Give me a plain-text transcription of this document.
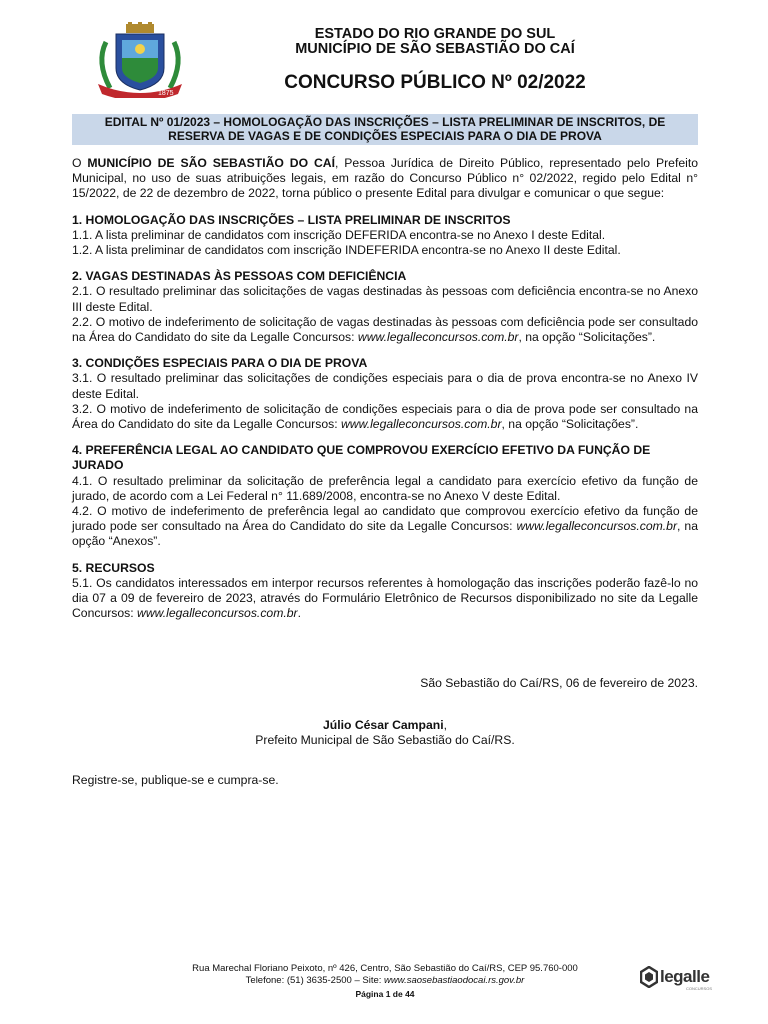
1875
ESTADO DO RIO GRANDE DO SUL
MUNICÍPIO DE SÃO SEBASTIÃO DO CAÍ
CONCURSO PÚBLICO Nº 02/2022
EDITAL Nº 01/2023 – HOMOLOGAÇÃO DAS INSCRIÇÕES – LISTA PRELIMINAR DE INSCRITOS, DE
RESERVA DE VAGAS E DE CONDIÇÕES ESPECIAIS PARA O DIA DE PROVA

O MUNICÍPIO DE SÃO SEBASTIÃO DO CAÍ, Pessoa Jurídica de Direito Público, representado pelo Prefeito Municipal, no uso de suas atribuições legais, em razão do Concurso Público n° 02/2022, regido pelo Edital n° 15/2022, de 22 de dezembro de 2022, torna público o presente Edital para divulgar e comunicar o que segue:

1. HOMOLOGAÇÃO DAS INSCRIÇÕES – LISTA PRELIMINAR DE INSCRITOS

1.1. A lista preliminar de candidatos com inscrição DEFERIDA encontra-se no Anexo I deste Edital.

1.2. A lista preliminar de candidatos com inscrição INDEFERIDA encontra-se no Anexo II deste Edital.

2. VAGAS DESTINADAS ÀS PESSOAS COM DEFICIÊNCIA

2.1. O resultado preliminar das solicitações de vagas destinadas às pessoas com deficiência encontra-se no Anexo III deste Edital.

2.2. O motivo de indeferimento de solicitação de vagas destinadas às pessoas com deficiência pode ser consultado na Área do Candidato do site da Legalle Concursos: www.legalleconcursos.com.br, na opção “Solicitações”.

3. CONDIÇÕES ESPECIAIS PARA O DIA DE PROVA

3.1. O resultado preliminar das solicitações de condições especiais para o dia de prova encontra-se no Anexo IV deste Edital.

3.2. O motivo de indeferimento de solicitação de condições especiais para o dia de prova pode ser consultado na Área do Candidato do site da Legalle Concursos: www.legalleconcursos.com.br, na opção “Solicitações”.

4. PREFERÊNCIA LEGAL AO CANDIDATO QUE COMPROVOU EXERCÍCIO EFETIVO DA FUNÇÃO DE JURADO

4.1. O resultado preliminar da solicitação de preferência legal a candidato para exercício efetivo da função de jurado, de acordo com a Lei Federal n° 11.689/2008, encontra-se no Anexo V deste Edital.

4.2. O motivo de indeferimento de preferência legal ao candidato que comprovou exercício efetivo da função de jurado pode ser consultado na Área do Candidato do site da Legalle Concursos: www.legalleconcursos.com.br, na opção “Anexos”.

5. RECURSOS

5.1. Os candidatos interessados em interpor recursos referentes à homologação das inscrições poderão fazê-lo no dia 07 a 09 de fevereiro de 2023, através do Formulário Eletrônico de Recursos disponibilizado no site da Legalle Concursos: www.legalleconcursos.com.br.

São Sebastião do Caí/RS, 06 de fevereiro de 2023.
Júlio César Campani,
Prefeito Municipal de São Sebastião do Caí/RS.
Registre-se, publique-se e cumpra-se.
Rua Marechal Floriano Peixoto, nº 426, Centro, São Sebastião do Caí/RS, CEP 95.760-000
Telefone: (51) 3635-2500 – Site: www.saosebastiaodocai.rs.gov.br
Página 1 de 44
legalle
CONCURSOS
